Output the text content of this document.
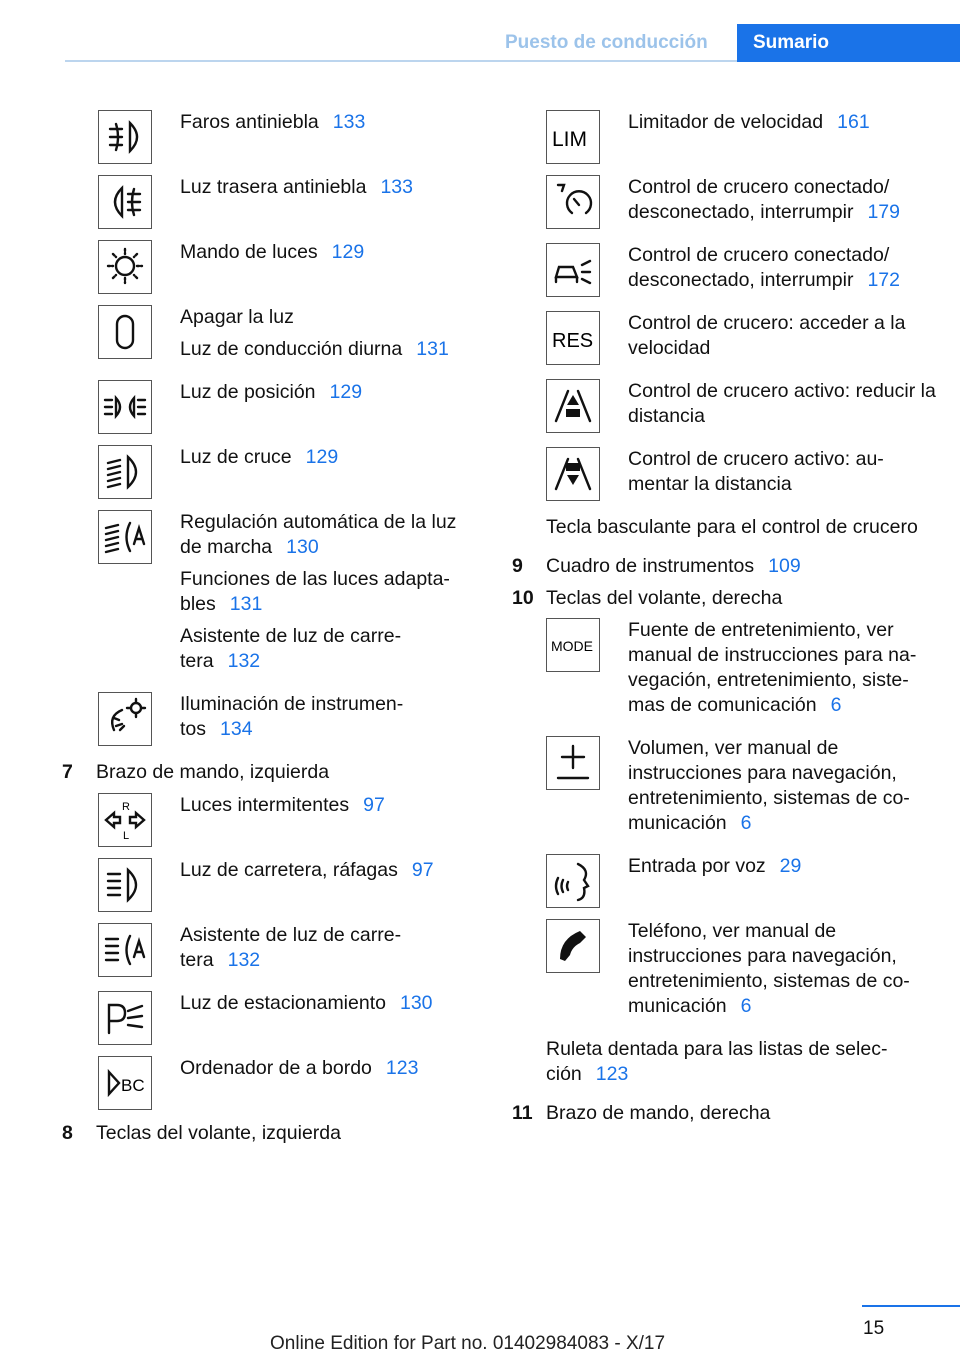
Puesto de conducción	Sumario

Faros antiniebla 133

Luz trasera antiniebla 133

Mando de luces 129

Apagar la luz

Luz de conducción diurna 131

Luz de posición 129

Luz de cruce 129

Regulación automática de la luz de marcha 130

Funciones de las luces adapta‐ bles 131

Asistente de luz de carre‐ tera 132

Iluminación de instrumen‐ tos 134

7 Brazo de mando, izquierda
R
L

Luces intermitentes 97

Luz de carretera, ráfagas 97

Asistente de luz de carre‐ tera 132

Luz de estacionamiento 130

BC

Ordenador de a bordo 123

8 Teclas del volante, izquierda
LIM

Limitador de velocidad 161

Control de crucero conectado/ desconectado, interrumpir 179

Control de crucero conectado/ desconectado, interrumpir 172

RES

Control de crucero: acceder a la velocidad

Control de crucero activo: reducir la distancia

Control de crucero activo: au‐ mentar la distancia

Tecla basculante para el control de crucero
9 Cuadro de instrumentos 109
10 Teclas del volante, derecha
MODE

Fuente de entretenimiento, ver manual de instrucciones para na‐ vegación, entretenimiento, siste‐ mas de comunicación 6

Volumen, ver manual de instrucciones para navegación, entretenimiento, sistemas de co‐ municación 6

Entrada por voz 29

Teléfono, ver manual de instrucciones para navegación, entretenimiento, sistemas de co‐ municación 6

Ruleta dentada para las listas de selec‐ ción 123
11 Brazo de mando, derecha
15
Online Edition for Part no. 01402984083 - X/17
